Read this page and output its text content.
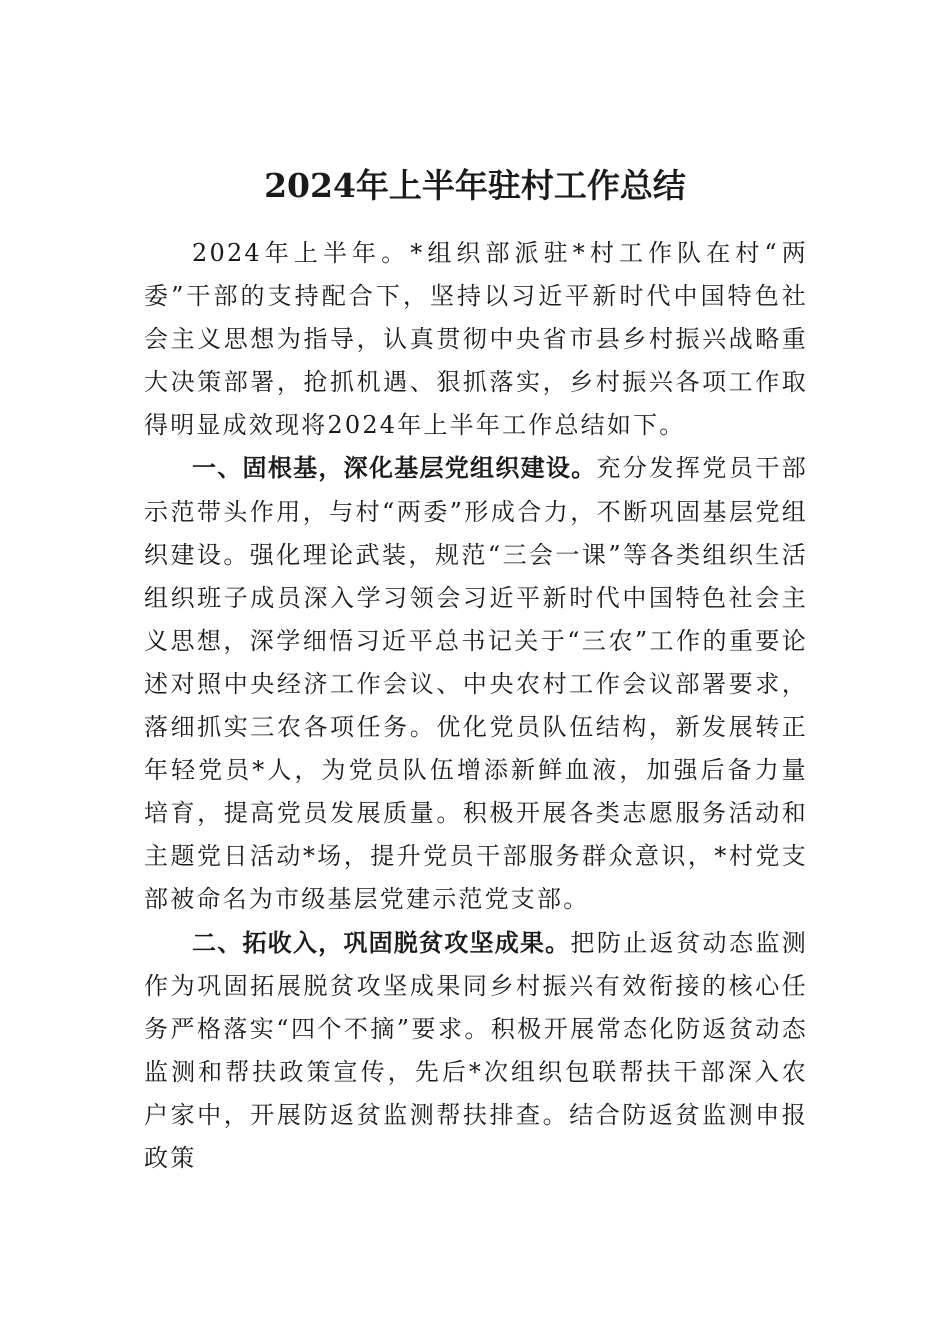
2024年上半年驻村工作总结

2024年上半年。*组织部派驻*村工作队在村“两委”干部的支持配合下，坚持以习近平新时代中国特色社会主义思想为指导，认真贯彻中央省市县乡村振兴战略重大决策部署，抢抓机遇、狠抓落实，乡村振兴各项工作取得明显成效现将2024年上半年工作总结如下。

一、固根基，深化基层党组织建设。充分发挥党员干部示范带头作用，与村“两委”形成合力，不断巩固基层党组织建设。强化理论武装，规范“三会一课”等各类组织生活组织班子成员深入学习领会习近平新时代中国特色社会主义思想，深学细悟习近平总书记关于“三农”工作的重要论述对照中央经济工作会议、中央农村工作会议部署要求，落细抓实三农各项任务。优化党员队伍结构，新发展转正年轻党员*人，为党员队伍增添新鲜血液，加强后备力量培育，提高党员发展质量。积极开展各类志愿服务活动和主题党日活动*场，提升党员干部服务群众意识，*村党支部被命名为市级基层党建示范党支部。

二、拓收入，巩固脱贫攻坚成果。把防止返贫动态监测作为巩固拓展脱贫攻坚成果同乡村振兴有效衔接的核心任务严格落实“四个不摘”要求。积极开展常态化防返贫动态监测和帮扶政策宣传，先后*次组织包联帮扶干部深入农户家中，开展防返贫监测帮扶排查。结合防返贫监测申报政策
